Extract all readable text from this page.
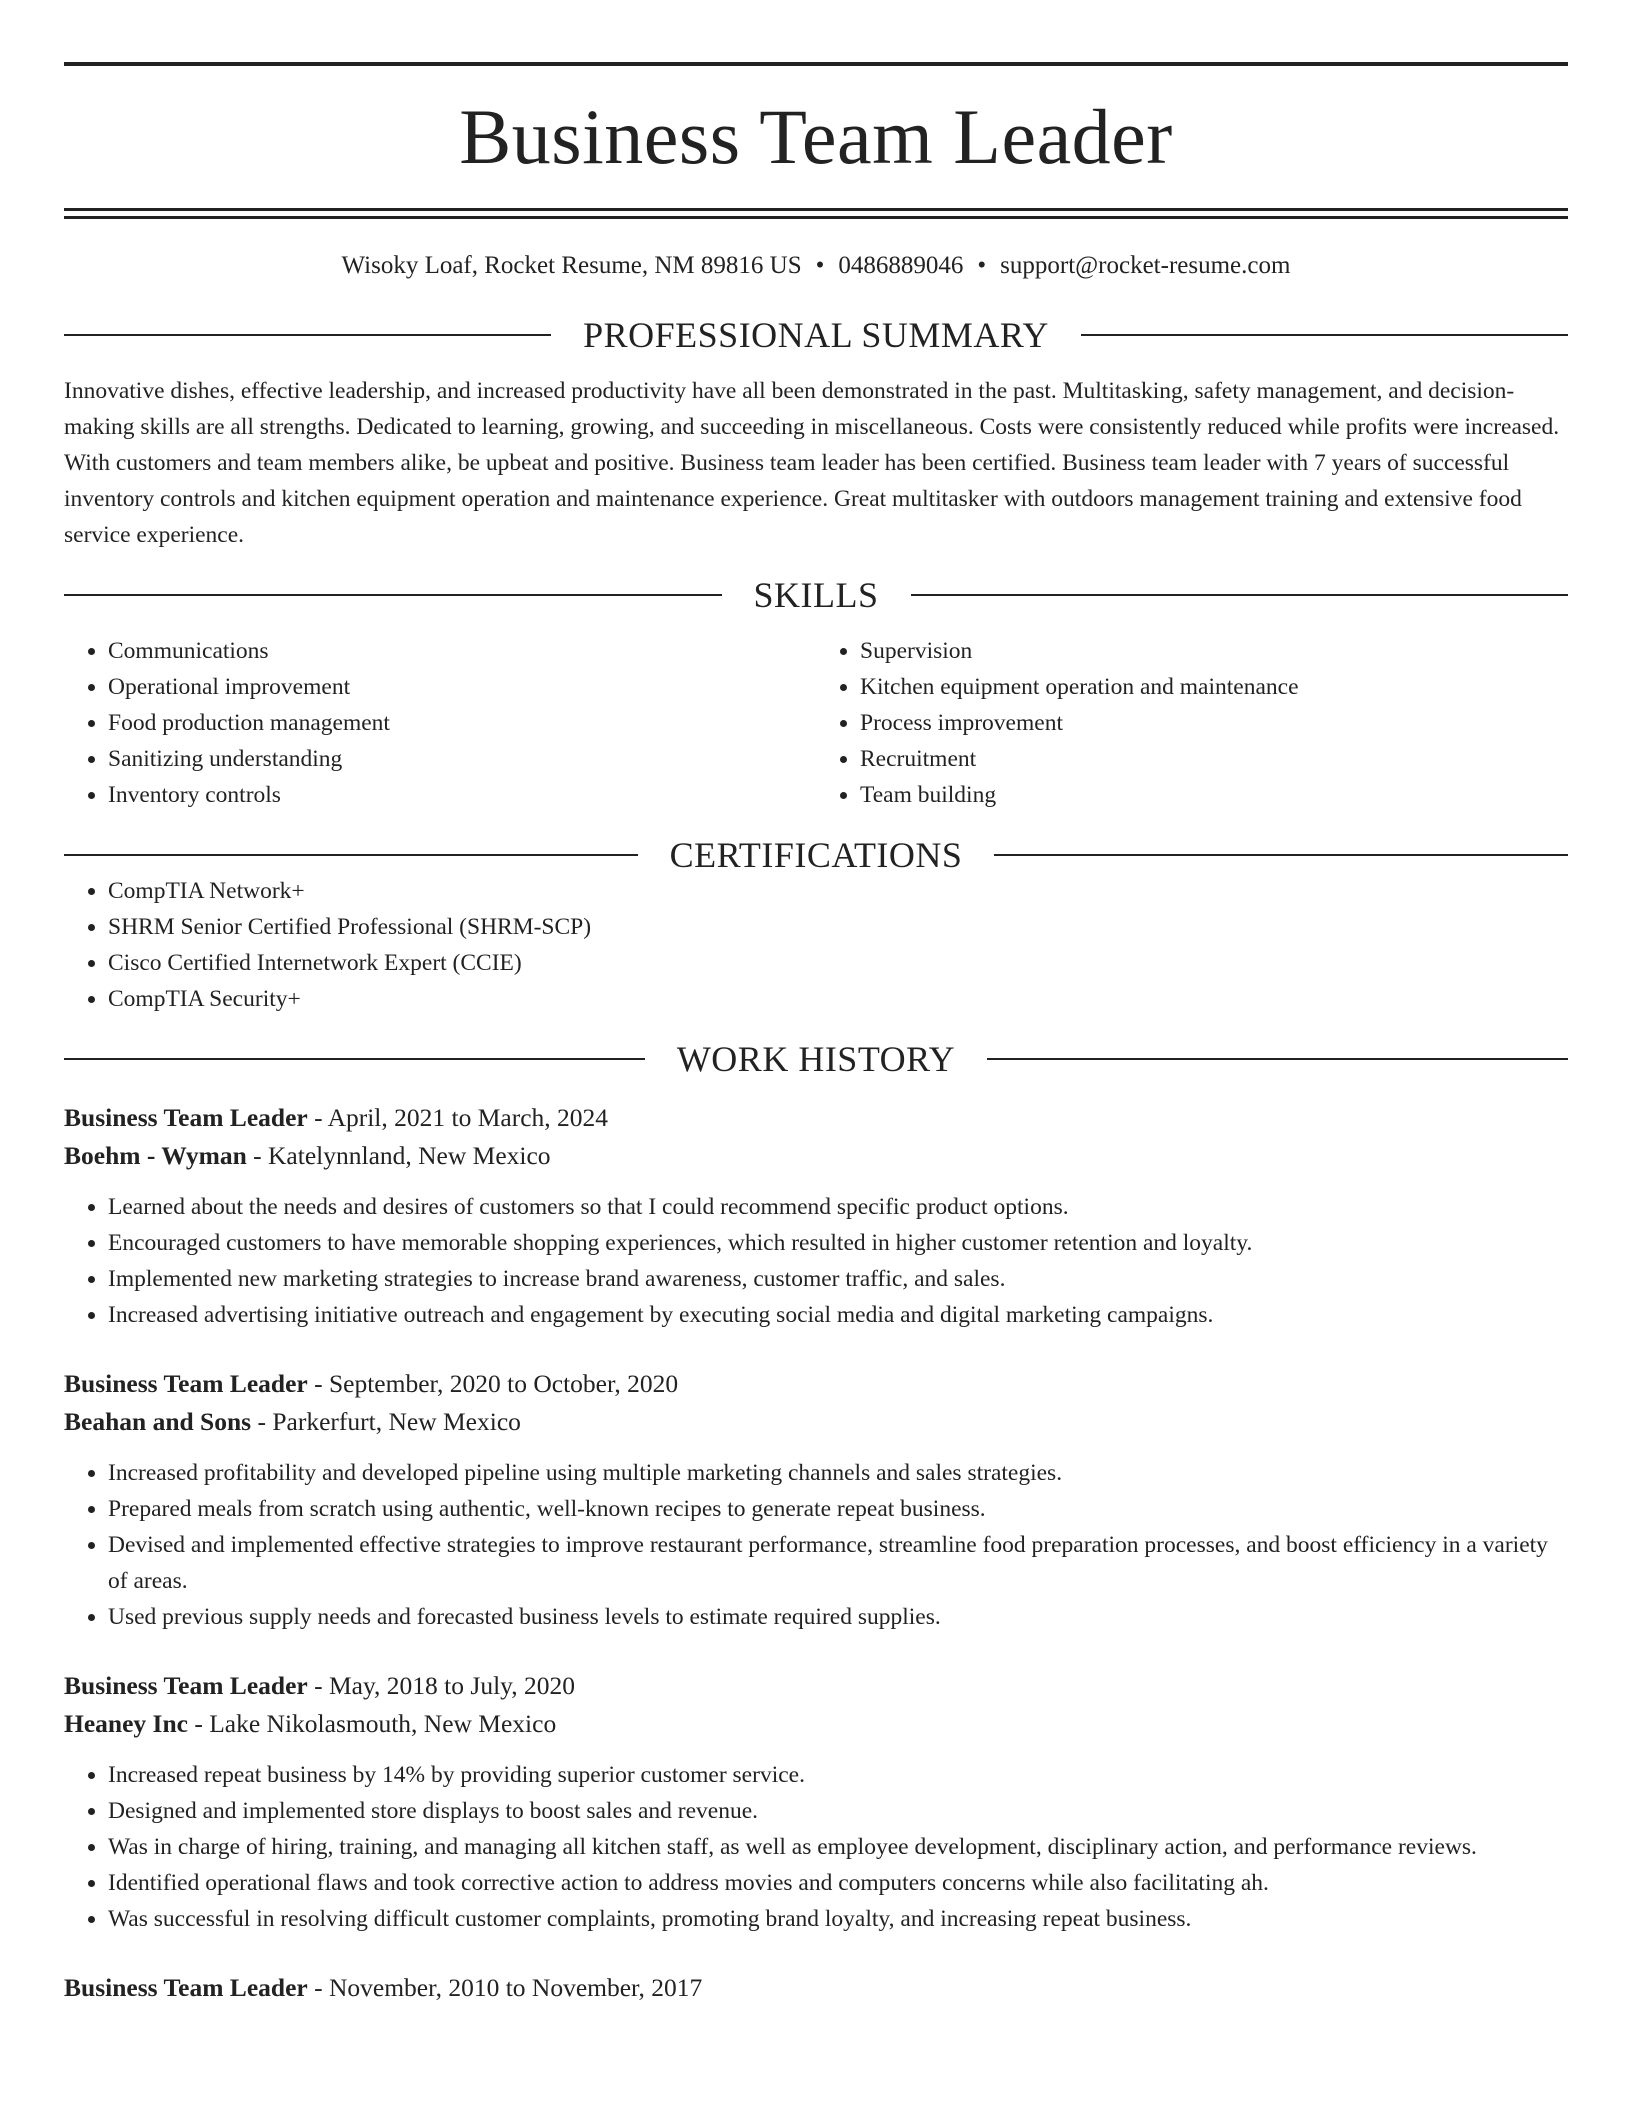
Business Team Leader
Wisoky Loaf, Rocket Resume, NM 89816 US • 0486889046 • support@rocket-resume.com
PROFESSIONAL SUMMARY

Innovative dishes, effective leadership, and increased productivity have all been demonstrated in the past. Multitasking, safety management, and decision-making skills are all strengths. Dedicated to learning, growing, and succeeding in miscellaneous. Costs were consistently reduced while profits were increased. With customers and team members alike, be upbeat and positive. Business team leader has been certified. Business team leader with 7 years of successful inventory controls and kitchen equipment operation and maintenance experience. Great multitasker with outdoors management training and extensive food service experience.

SKILLS
• Communications
• Operational improvement
• Food production management
• Sanitizing understanding
• Inventory controls
• Supervision
• Kitchen equipment operation and maintenance
• Process improvement
• Recruitment
• Team building
CERTIFICATIONS
• CompTIA Network+
• SHRM Senior Certified Professional (SHRM-SCP)
• Cisco Certified Internetwork Expert (CCIE)
• CompTIA Security+
WORK HISTORY
Business Team Leader - April, 2021 to March, 2024
Boehm - Wyman - Katelynnland, New Mexico
• Learned about the needs and desires of customers so that I could recommend specific product options.
• Encouraged customers to have memorable shopping experiences, which resulted in higher customer retention and loyalty.
• Implemented new marketing strategies to increase brand awareness, customer traffic, and sales.
• Increased advertising initiative outreach and engagement by executing social media and digital marketing campaigns.
Business Team Leader - September, 2020 to October, 2020
Beahan and Sons - Parkerfurt, New Mexico
• Increased profitability and developed pipeline using multiple marketing channels and sales strategies.
• Prepared meals from scratch using authentic, well-known recipes to generate repeat business.
• Devised and implemented effective strategies to improve restaurant performance, streamline food preparation processes, and boost efficiency in a variety of areas.
• Used previous supply needs and forecasted business levels to estimate required supplies.
Business Team Leader - May, 2018 to July, 2020
Heaney Inc - Lake Nikolasmouth, New Mexico
• Increased repeat business by 14% by providing superior customer service.
• Designed and implemented store displays to boost sales and revenue.
• Was in charge of hiring, training, and managing all kitchen staff, as well as employee development, disciplinary action, and performance reviews.
• Identified operational flaws and took corrective action to address movies and computers concerns while also facilitating ah.
• Was successful in resolving difficult customer complaints, promoting brand loyalty, and increasing repeat business.
Business Team Leader - November, 2010 to November, 2017
